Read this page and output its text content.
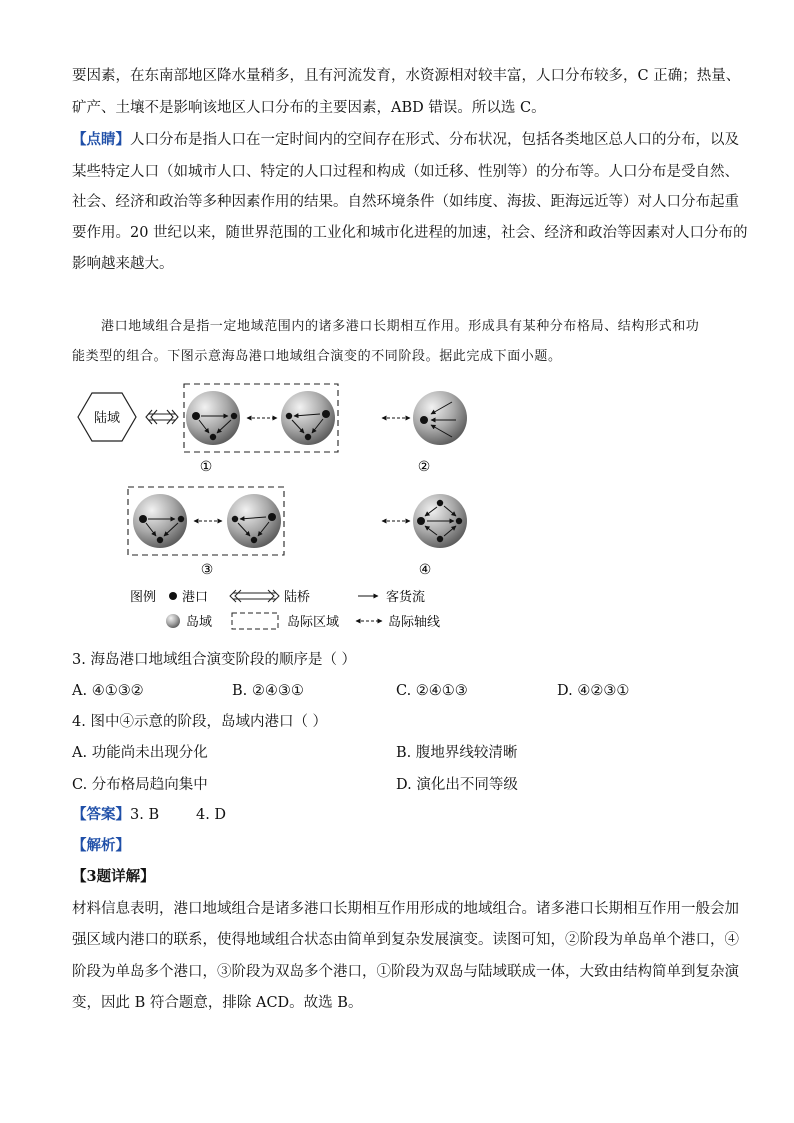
要因素，在东南部地区降水量稍多，且有河流发育，水资源相对较丰富，人口分布较多，C 正确；热量、
矿产、土壤不是影响该地区人口分布的主要因素，ABD 错误。所以选 C。
【点睛】人口分布是指人口在一定时间内的空间存在形式、分布状况，包括各类地区总人口的分布，以及
某些特定人口（如城市人口、特定的人口过程和构成（如迁移、性别等）的分布等。人口分布是受自然、
社会、经济和政治等多种因素作用的结果。自然环境条件（如纬度、海拔、距海远近等）对人口分布起重
要作用。20 世纪以来，随世界范围的工业化和城市化进程的加速，社会、经济和政治等因素对人口分布的
影响越来越大。
港口地域组合是指一定地域范围内的诸多港口长期相互作用。形成具有某种分布格局、结构形式和功
能类型的组合。下图示意海岛港口地域组合演变的不同阶段。据此完成下面小题。
陆域
①	②
③	④
图例 港口	陆桥	客货流
岛域	岛际区域	岛际轴线
3. 海岛港口地域组合演变阶段的顺序是（ ）
A. ④①③②	B. ②④③①	C. ②④①③	D. ④②③①
4. 图中④示意的阶段，岛域内港口（ ）
A. 功能尚未出现分化	B. 腹地界线较清晰
C. 分布格局趋向集中	D. 演化出不同等级
【答案】3. B        4. D
【解析】
【3题详解】
材料信息表明，港口地域组合是诸多港口长期相互作用形成的地域组合。诸多港口长期相互作用一般会加
强区域内港口的联系，使得地域组合状态由简单到复杂发展演变。读图可知，②阶段为单岛单个港口，④
阶段为单岛多个港口，③阶段为双岛多个港口，①阶段为双岛与陆域联成一体，大致由结构简单到复杂演
变，因此 B 符合题意，排除 ACD。故选 B。
